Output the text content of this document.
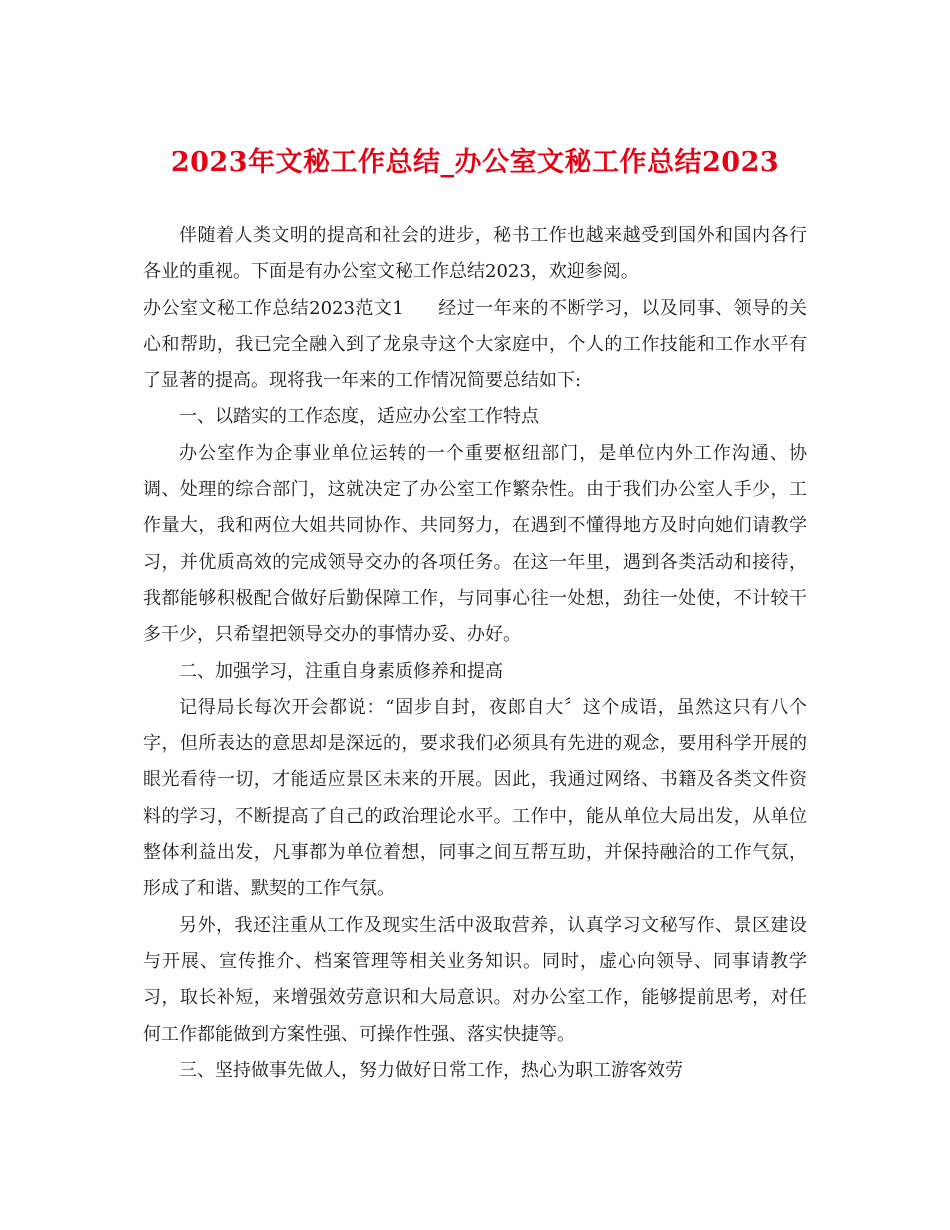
2023年文秘工作总结_办公室文秘工作总结2023

伴随着人类文明的提高和社会的进步，秘书工作也越来越受到国外和国内各行各业的重视。下面是有办公室文秘工作总结2023，欢迎参阅。

办公室文秘工作总结2023范文1 经过一年来的不断学习，以及同事、领导的关心和帮助，我已完全融入到了龙泉寺这个大家庭中，个人的工作技能和工作水平有了显著的提高。现将我一年来的工作情况简要总结如下:

一、以踏实的工作态度，适应办公室工作特点

办公室作为企事业单位运转的一个重要枢纽部门，是单位内外工作沟通、协调、处理的综合部门，这就决定了办公室工作繁杂性。由于我们办公室人手少，工作量大，我和两位大姐共同协作、共同努力，在遇到不懂得地方及时向她们请教学习，并优质高效的完成领导交办的各项任务。在这一年里，遇到各类活动和接待，我都能够积极配合做好后勤保障工作，与同事心往一处想，劲往一处使，不计较干多干少，只希望把领导交办的事情办妥、办好。

二、加强学习，注重自身素质修养和提高

记得局长每次开会都说：“固步自封，夜郎自大〞这个成语，虽然这只有八个字，但所表达的意思却是深远的，要求我们必须具有先进的观念，要用科学开展的眼光看待一切，才能适应景区未来的开展。因此，我通过网络、书籍及各类文件资料的学习，不断提高了自己的政治理论水平。工作中，能从单位大局出发，从单位整体利益出发，凡事都为单位着想，同事之间互帮互助，并保持融洽的工作气氛，形成了和谐、默契的工作气氛。

另外，我还注重从工作及现实生活中汲取营养，认真学习文秘写作、景区建设与开展、宣传推介、档案管理等相关业务知识。同时，虚心向领导、同事请教学习，取长补短，来增强效劳意识和大局意识。对办公室工作，能够提前思考，对任何工作都能做到方案性强、可操作性强、落实快捷等。

三、坚持做事先做人，努力做好日常工作，热心为职工游客效劳
